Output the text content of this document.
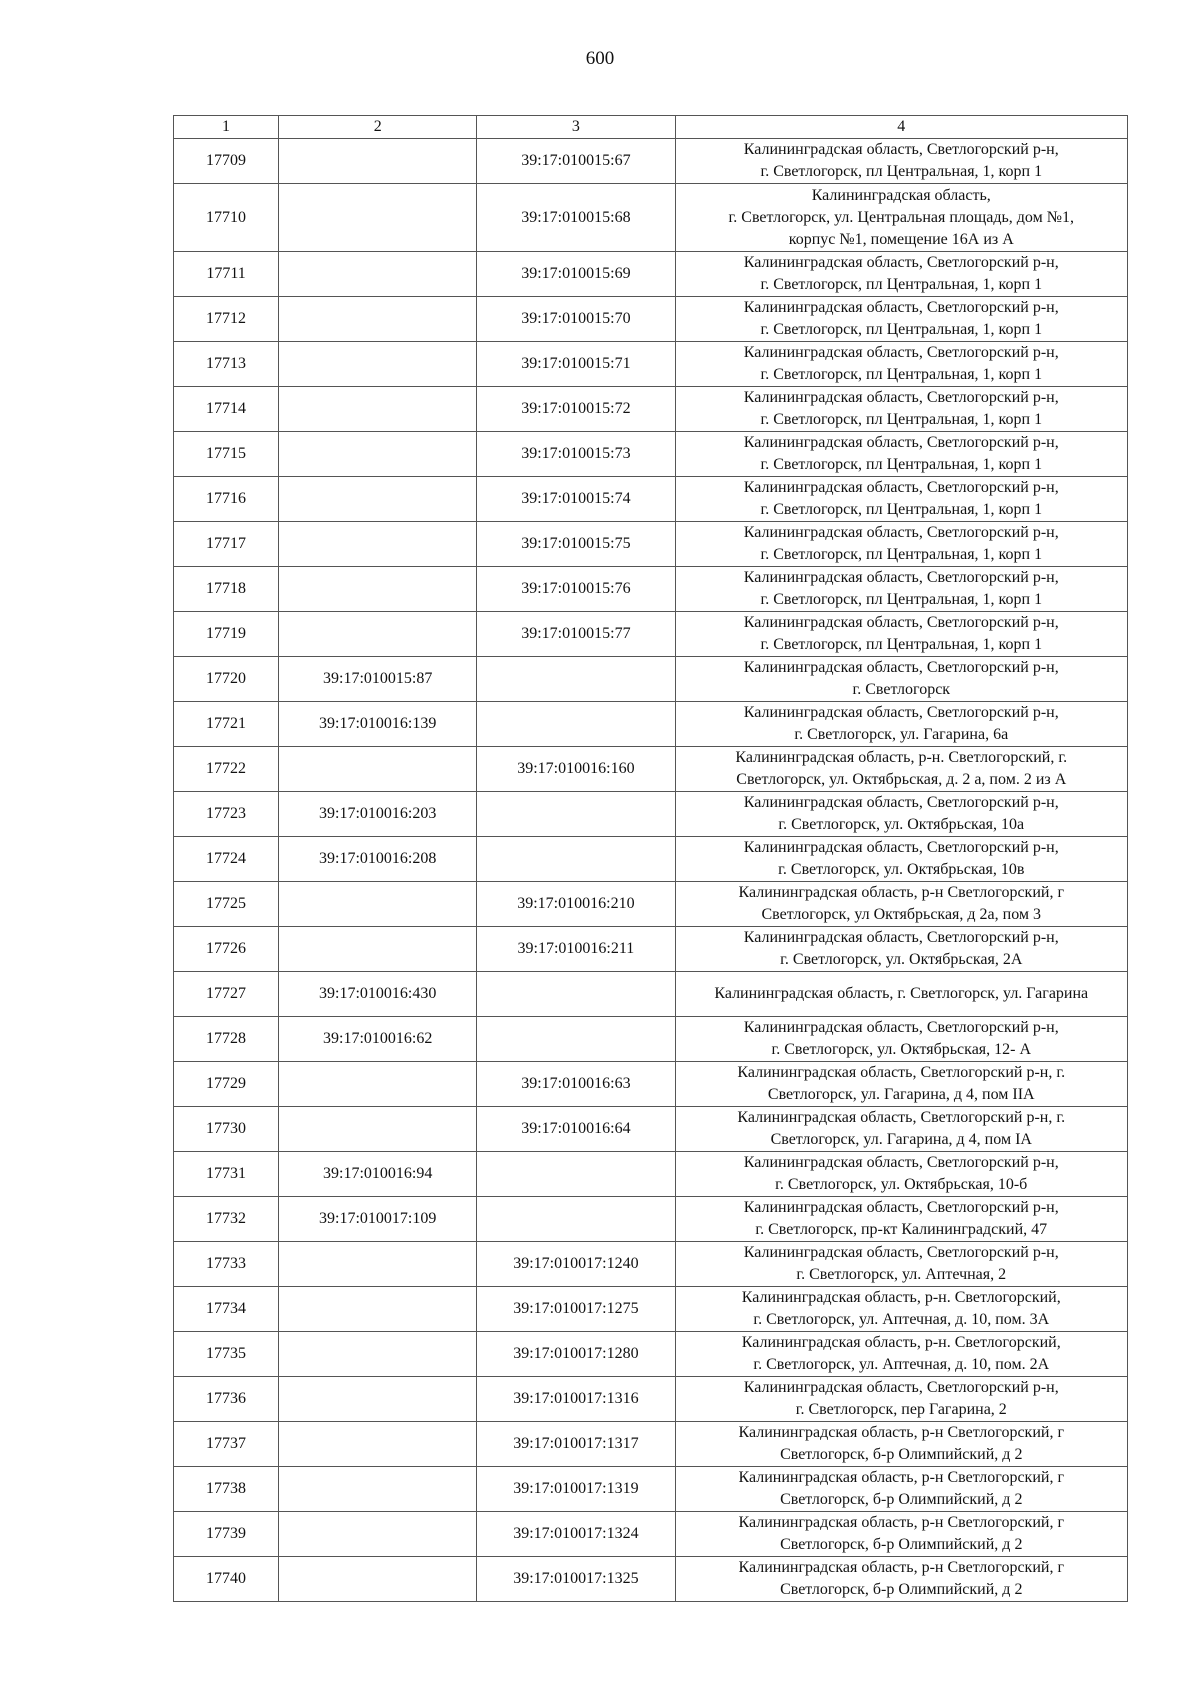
600
1	2	3	4
17709		39:17:010015:67	Калининградская область, Светлогорский р-н,
г. Светлогорск, пл Центральная, 1, корп 1

17710		39:17:010015:68	Калининградская область,
г. Светлогорск, ул. Центральная площадь, дом №1,
корпус №1, помещение 16А из А

17711		39:17:010015:69	Калининградская область, Светлогорский р-н,
г. Светлогорск, пл Центральная, 1, корп 1

17712		39:17:010015:70	Калининградская область, Светлогорский р-н,
г. Светлогорск, пл Центральная, 1, корп 1

17713		39:17:010015:71	Калининградская область, Светлогорский р-н,
г. Светлогорск, пл Центральная, 1, корп 1

17714		39:17:010015:72	Калининградская область, Светлогорский р-н,
г. Светлогорск, пл Центральная, 1, корп 1

17715		39:17:010015:73	Калининградская область, Светлогорский р-н,
г. Светлогорск, пл Центральная, 1, корп 1

17716		39:17:010015:74	Калининградская область, Светлогорский р-н,
г. Светлогорск, пл Центральная, 1, корп 1

17717		39:17:010015:75	Калининградская область, Светлогорский р-н,
г. Светлогорск, пл Центральная, 1, корп 1

17718		39:17:010015:76	Калининградская область, Светлогорский р-н,
г. Светлогорск, пл Центральная, 1, корп 1

17719		39:17:010015:77	Калининградская область, Светлогорский р-н,
г. Светлогорск, пл Центральная, 1, корп 1

17720	39:17:010015:87		Калининградская область, Светлогорский р-н,
г. Светлогорск

17721	39:17:010016:139		Калининградская область, Светлогорский р-н,
г. Светлогорск, ул. Гагарина, 6а

17722		39:17:010016:160	Калининградская область, р-н. Светлогорский, г.
Светлогорск, ул. Октябрьская, д. 2 а, пом. 2 из А

17723	39:17:010016:203		Калининградская область, Светлогорский р-н,
г. Светлогорск, ул. Октябрьская, 10а

17724	39:17:010016:208		Калининградская область, Светлогорский р-н,
г. Светлогорск, ул. Октябрьская, 10в

17725		39:17:010016:210	Калининградская область, р-н Светлогорский, г
Светлогорск, ул Октябрьская, д 2а, пом 3

17726		39:17:010016:211	Калининградская область, Светлогорский р-н,
г. Светлогорск, ул. Октябрьская, 2А

17727	39:17:010016:430		Калининградская область, г. Светлогорск, ул. Гагарина

17728	39:17:010016:62		Калининградская область, Светлогорский р-н,
г. Светлогорск, ул. Октябрьская, 12- А

17729		39:17:010016:63	Калининградская область, Светлогорский р-н, г.
Светлогорск, ул. Гагарина, д 4, пом IIА

17730		39:17:010016:64	Калининградская область, Светлогорский р-н, г.
Светлогорск, ул. Гагарина, д 4, пом IА

17731	39:17:010016:94		Калининградская область, Светлогорский р-н,
г. Светлогорск, ул. Октябрьская, 10-б

17732	39:17:010017:109		Калининградская область, Светлогорский р-н,
г. Светлогорск, пр-кт Калининградский, 47

17733		39:17:010017:1240	Калининградская область, Светлогорский р-н,
г. Светлогорск, ул. Аптечная, 2

17734		39:17:010017:1275	Калининградская область, р-н. Светлогорский,
г. Светлогорск, ул. Аптечная, д. 10, пом. 3А

17735		39:17:010017:1280	Калининградская область, р-н. Светлогорский,
г. Светлогорск, ул. Аптечная, д. 10, пом. 2А

17736		39:17:010017:1316	Калининградская область, Светлогорский р-н,
г. Светлогорск, пер Гагарина, 2

17737		39:17:010017:1317	Калининградская область, р-н Светлогорский, г
Светлогорск, б-р Олимпийский, д 2

17738		39:17:010017:1319	Калининградская область, р-н Светлогорский, г
Светлогорск, б-р Олимпийский, д 2

17739		39:17:010017:1324	Калининградская область, р-н Светлогорский, г
Светлогорск, б-р Олимпийский, д 2

17740		39:17:010017:1325	Калининградская область, р-н Светлогорский, г
Светлогорск, б-р Олимпийский, д 2
